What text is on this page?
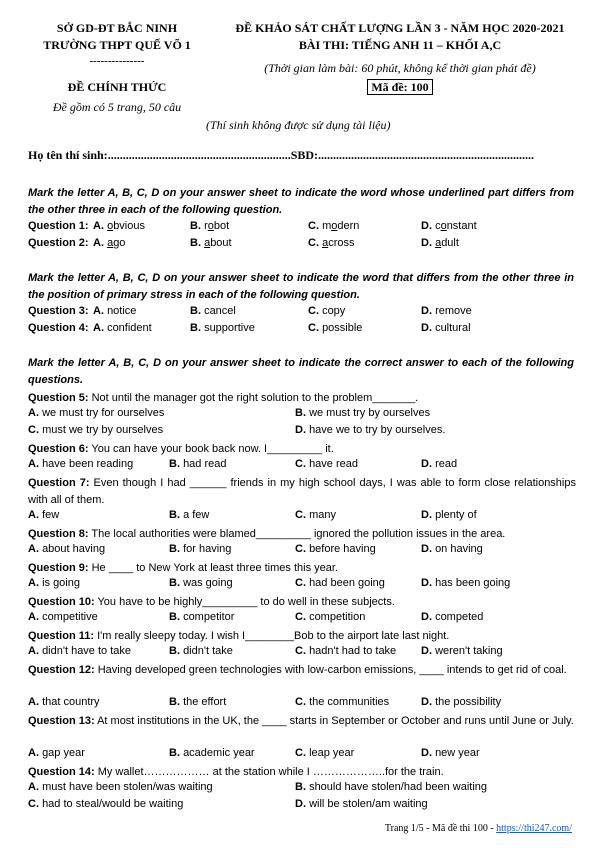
SỞ GD-ĐT BẮC NINH
TRƯỜNG THPT QUẾ VÕ 1
---------------
ĐỀ CHÍNH THỨC
Đề gồm có 5 trang, 50 câu
ĐỀ KHẢO SÁT CHẤT LƯỢNG LẦN 3 - NĂM HỌC 2020-2021
BÀI THI: TIẾNG ANH 11 – KHỐI A,C
(Thời gian làm bài: 60 phút, không kể thời gian phát đề)
Mã đề: 100
(Thí sinh không được sử dụng tài liệu)
Họ tên thí sinh:.............................................................SBD:........................................................................
Mark the letter A, B, C, D on your answer sheet to indicate the word whose underlined part differs from the other three in each of the following question.
Question 1: A. obvious	B. robot	C. modern	D. constant
Question 2: A. ago	B. about	C. across	D. adult
Mark the letter A, B, C, D on your answer sheet to indicate the word that differs from the other three in the position of primary stress in each of the following question.
Question 3: A. notice	B. cancel	C. copy	D. remove
Question 4: A. confident	B. supportive	C. possible	D. cultural
Mark the letter A, B, C, D on your answer sheet to indicate the correct answer to each of the following questions.
Question 5: Not until the manager got the right solution to the problem_______.
A. we must try for ourselves	B. we must try by ourselves
C. must we try by ourselves	D. have we to try by ourselves.
Question 6: You can have your book back now. I_________ it.
A. have been reading	B. had read	C. have read	D. read
Question 7: Even though I had ______ friends in my high school days, I was able to form close relationships with all of them.
A. few	B. a few	C. many	D. plenty of
Question 8: The local authorities were blamed_________ ignored the pollution issues in the area.
A. about having	B. for having	C. before having	D. on having
Question 9: He ____ to New York at least three times this year.
A. is going	B. was going	C. had been going	D. has been going
Question 10: You have to be highly_________ to do well in these subjects.
A. competitive	B. competitor	C. competition	D. competed
Question 11: I'm really sleepy today. I wish I________Bob to the airport late last night.
A. didn't have to take	B. didn't take	C. hadn't had to take D. weren't taking
Question 12: Having developed green technologies with low-carbon emissions, ____ intends to get rid of coal.
A. that country	B. the effort	C. the communities	D. the possibility
Question 13: At most institutions in the UK, the ____ starts in September or October and runs until June or July.
A. gap year	B. academic year	C. leap year	D. new year
Question 14: My wallet……………… at the station while I ………………..for the train.
A. must have been stolen/was waiting	B. should have stolen/had been waiting
C. had to steal/would be waiting	D. will be stolen/am waiting
Trang 1/5 - Mã đề thi 100 - https://thi247.com/
